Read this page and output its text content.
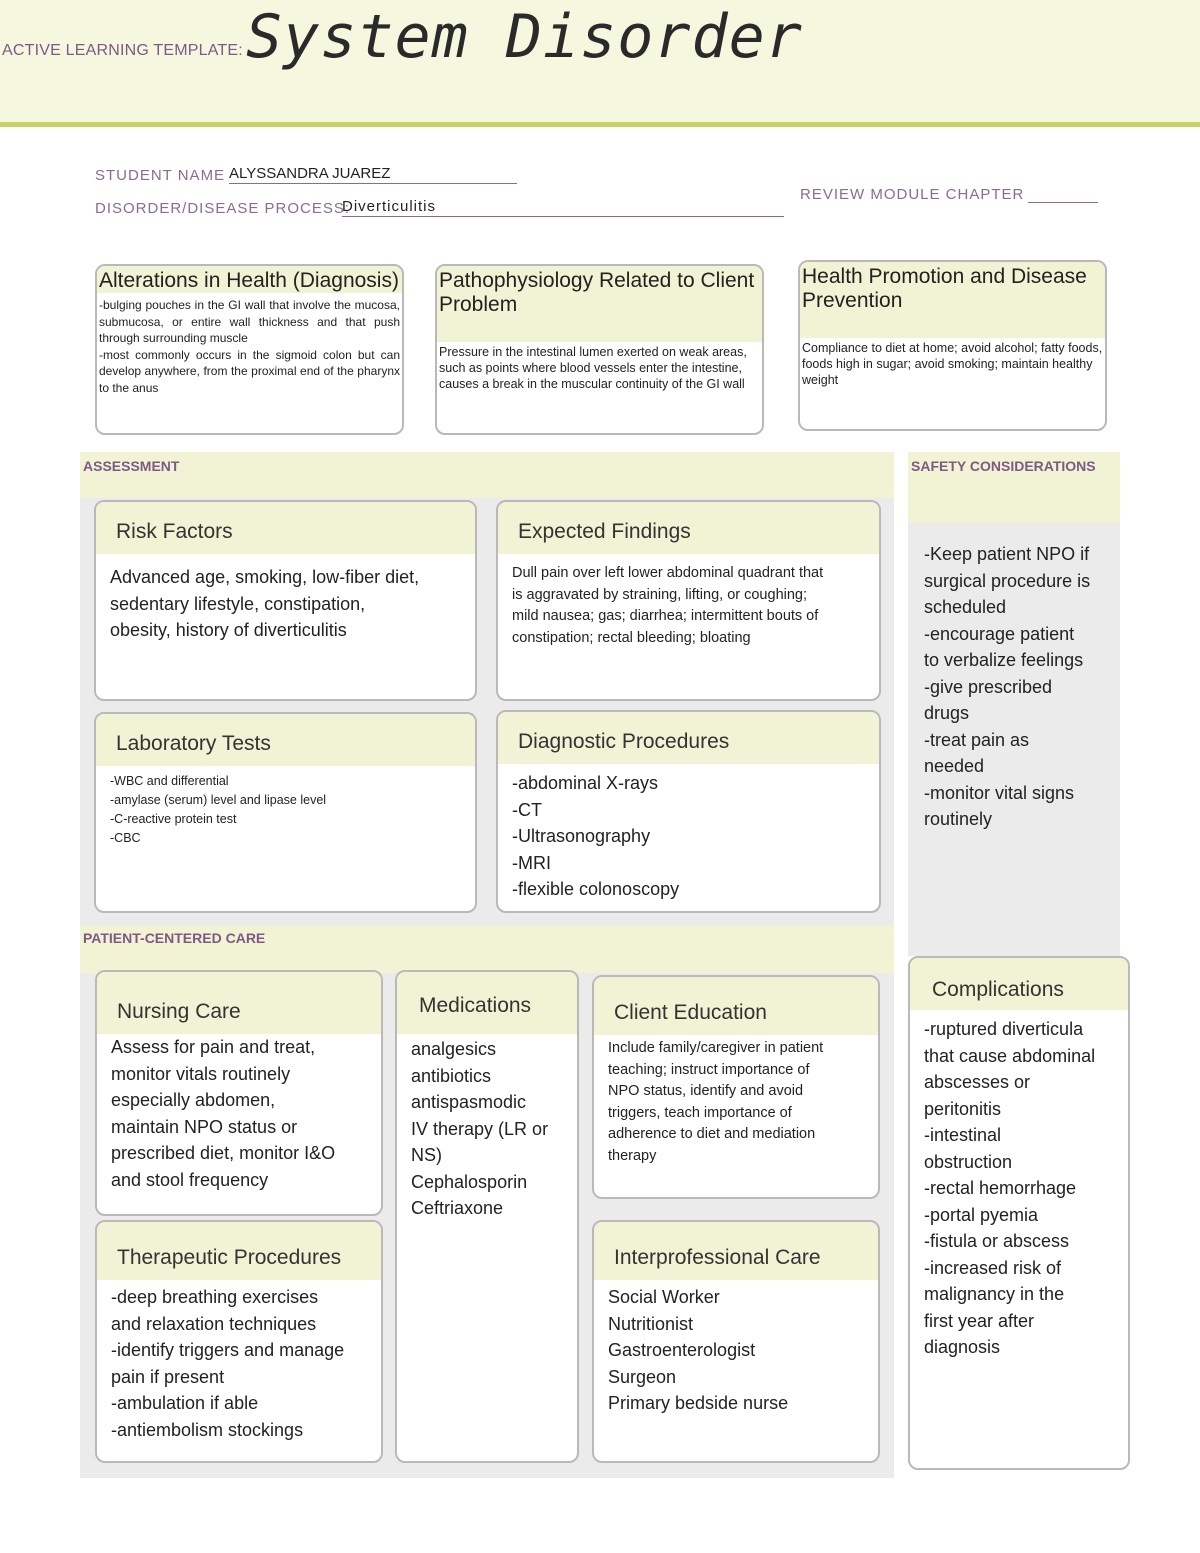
ACTIVE LEARNING TEMPLATE: System Disorder
STUDENT NAME ALYSSANDRA JUAREZ
DISORDER/DISEASE PROCESS:
Diverticulitis
REVIEW MODULE CHAPTER
Alterations in Health (Diagnosis)
-bulging pouches in the GI wall that involve the mucosa, submucosa, or entire wall thickness and that push through surrounding muscle
-most commonly occurs in the sigmoid colon but can develop anywhere, from the proximal end of the pharynx to the anus
Pathophysiology Related to Client Problem
Pressure in the intestinal lumen exerted on weak areas, such as points where blood vessels enter the intestine, causes a break in the muscular continuity of the GI wall
Health Promotion and Disease Prevention
Compliance to diet at home; avoid alcohol; fatty foods, foods high in sugar; avoid smoking; maintain healthy weight
ASSESSMENT	SAFETY CONSIDERATIONS
Risk Factors
Advanced age, smoking, low-fiber diet,
sedentary lifestyle, constipation,
obesity, history of diverticulitis
Expected Findings
Dull pain over left lower abdominal quadrant that
is aggravated by straining, lifting, or coughing;
mild nausea; gas; diarrhea; intermittent bouts of
constipation; rectal bleeding; bloating
Laboratory Tests
-WBC and differential
-amylase (serum) level and lipase level
-C-reactive protein test
-CBC
Diagnostic Procedures
-abdominal X-rays
-CT
-Ultrasonography
-MRI
-flexible colonoscopy
-Keep patient NPO if
surgical procedure is
scheduled
-encourage patient
to verbalize feelings
-give prescribed
drugs
-treat pain as
needed
-monitor vital signs
routinely
PATIENT-CENTERED CARE
Nursing Care
Assess for pain and treat,
monitor vitals routinely
especially abdomen,
maintain NPO status or
prescribed diet, monitor I&O
and stool frequency
Medications
analgesics
antibiotics
antispasmodic
IV therapy (LR or
NS)
Cephalosporin
Ceftriaxone
Client Education
Include family/caregiver in patient
teaching; instruct importance of
NPO status, identify and avoid
triggers, teach importance of
adherence to diet and mediation
therapy
Therapeutic Procedures
-deep breathing exercises
and relaxation techniques
-identify triggers and manage
pain if present
-ambulation if able
-antiembolism stockings
Interprofessional Care
Social Worker
Nutritionist
Gastroenterologist
Surgeon
Primary bedside nurse
Complications
-ruptured diverticula
that cause abdominal
abscesses or
peritonitis
-intestinal
obstruction
-rectal hemorrhage
-portal pyemia
-fistula or abscess
-increased risk of
malignancy in the
first year after
diagnosis
